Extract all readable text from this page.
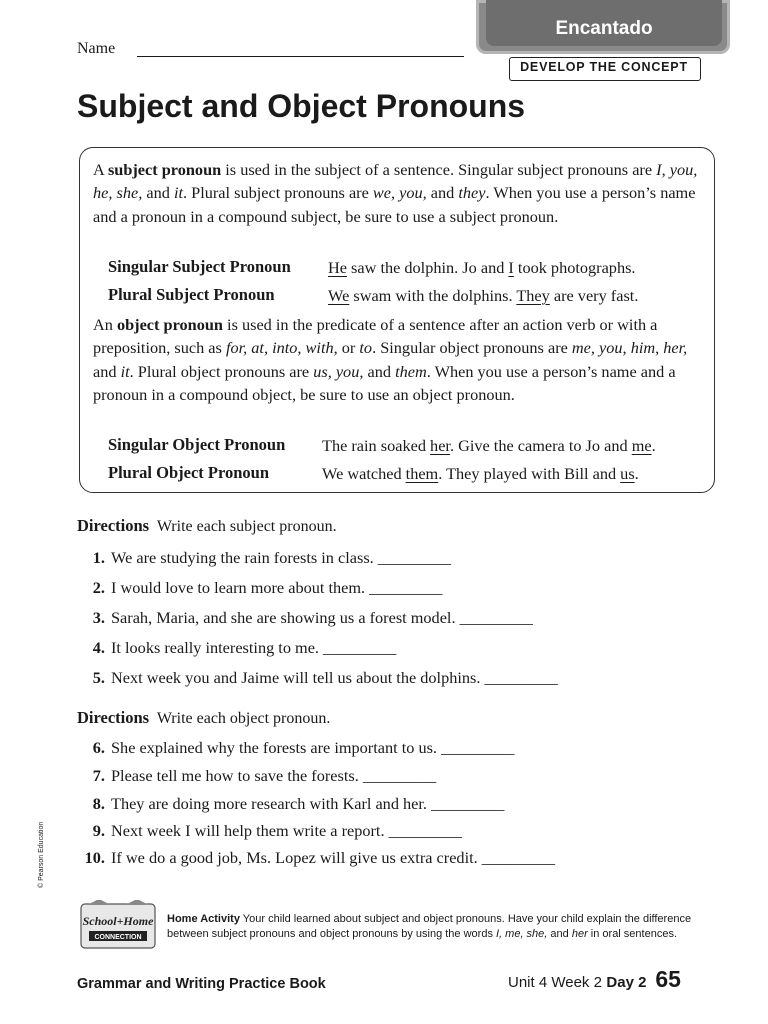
Name
Encantado
DEVELOP THE CONCEPT
Subject and Object Pronouns
A subject pronoun is used in the subject of a sentence. Singular subject pronouns are I, you, he, she, and it. Plural subject pronouns are we, you, and they. When you use a person’s name and a pronoun in a compound subject, be sure to use a subject pronoun.
Singular Subject Pronoun He saw the dolphin. Jo and I took photographs.
Plural Subject Pronoun	We swam with the dolphins. They are very fast.
An object pronoun is used in the predicate of a sentence after an action verb or with a preposition, such as for, at, into, with, or to. Singular object pronouns are me, you, him, her, and it. Plural object pronouns are us, you, and them. When you use a person’s name and a pronoun in a compound object, be sure to use an object pronoun.
Singular Object Pronoun The rain soaked her. Give the camera to Jo and me.
Plural Object Pronoun	We watched them. They played with Bill and us.
Directions Write each subject pronoun.
1. We are studying the rain forests in class. _________
2. I would love to learn more about them. _________
3. Sarah, Maria, and she are showing us a forest model. _________
4. It looks really interesting to me. _________
5. Next week you and Jaime will tell us about the dolphins. _________
Directions Write each object pronoun.
6. She explained why the forests are important to us. _________
7. Please tell me how to save the forests. _________
8. They are doing more research with Karl and her. _________
9. Next week I will help them write a report. _________
10. If we do a good job, Ms. Lopez will give us extra credit. _________
© Pearson Education
School+Home
CONNECTION
Home Activity Your child learned about subject and object pronouns. Have your child explain the difference between subject pronouns and object pronouns by using the words I, me, she, and her in oral sentences.
Grammar and Writing Practice Book	Unit 4 Week 2 Day 2 65
